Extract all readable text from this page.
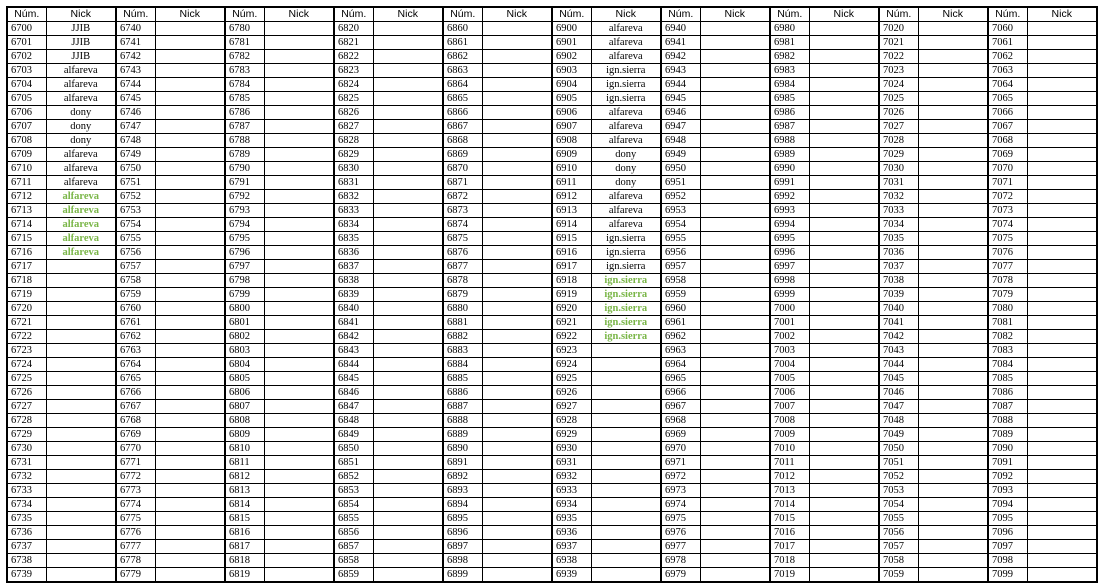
Núm.	Nick	Núm.	Nick	Núm.	Nick	Núm.	Nick	Núm.	Nick	Núm.	Nick	Núm.	Nick	Núm.	Nick	Núm.	Nick	Núm.	Nick
6700	JJIB	6740		6780		6820		6860		6900	alfareva	6940		6980		7020		7060	
6701	JJIB	6741		6781		6821		6861		6901	alfareva	6941		6981		7021		7061	
6702	JJIB	6742		6782		6822		6862		6902	alfareva	6942		6982		7022		7062	
6703	alfareva	6743		6783		6823		6863		6903	ign.sierra	6943		6983		7023		7063	
6704	alfareva	6744		6784		6824		6864		6904	ign.sierra	6944		6984		7024		7064	
6705	alfareva	6745		6785		6825		6865		6905	ign.sierra	6945		6985		7025		7065	
6706	dony	6746		6786		6826		6866		6906	alfareva	6946		6986		7026		7066	
6707	dony	6747		6787		6827		6867		6907	alfareva	6947		6987		7027		7067	
6708	dony	6748		6788		6828		6868		6908	alfareva	6948		6988		7028		7068	
6709	alfareva	6749		6789		6829		6869		6909	dony	6949		6989		7029		7069	
6710	alfareva	6750		6790		6830		6870		6910	dony	6950		6990		7030		7070	
6711	alfareva	6751		6791		6831		6871		6911	dony	6951		6991		7031		7071	
6712	alfareva	6752		6792		6832		6872		6912	alfareva	6952		6992		7032		7072	
6713	alfareva	6753		6793		6833		6873		6913	alfareva	6953		6993		7033		7073	
6714	alfareva	6754		6794		6834		6874		6914	alfareva	6954		6994		7034		7074	
6715	alfareva	6755		6795		6835		6875		6915	ign.sierra	6955		6995		7035		7075	
6716	alfareva	6756		6796		6836		6876		6916	ign.sierra	6956		6996		7036		7076	
6717		6757		6797		6837		6877		6917	ign.sierra	6957		6997		7037		7077	
6718		6758		6798		6838		6878		6918	ign.sierra	6958		6998		7038		7078	
6719		6759		6799		6839		6879		6919	ign.sierra	6959		6999		7039		7079	
6720		6760		6800		6840		6880		6920	ign.sierra	6960		7000		7040		7080	
6721		6761		6801		6841		6881		6921	ign.sierra	6961		7001		7041		7081	
6722		6762		6802		6842		6882		6922	ign.sierra	6962		7002		7042		7082	
6723		6763		6803		6843		6883		6923		6963		7003		7043		7083	
6724		6764		6804		6844		6884		6924		6964		7004		7044		7084	
6725		6765		6805		6845		6885		6925		6965		7005		7045		7085	
6726		6766		6806		6846		6886		6926		6966		7006		7046		7086	
6727		6767		6807		6847		6887		6927		6967		7007		7047		7087	
6728		6768		6808		6848		6888		6928		6968		7008		7048		7088	
6729		6769		6809		6849		6889		6929		6969		7009		7049		7089	
6730		6770		6810		6850		6890		6930		6970		7010		7050		7090	
6731		6771		6811		6851		6891		6931		6971		7011		7051		7091	
6732		6772		6812		6852		6892		6932		6972		7012		7052		7092	
6733		6773		6813		6853		6893		6933		6973		7013		7053		7093	
6734		6774		6814		6854		6894		6934		6974		7014		7054		7094	
6735		6775		6815		6855		6895		6935		6975		7015		7055		7095	
6736		6776		6816		6856		6896		6936		6976		7016		7056		7096	
6737		6777		6817		6857		6897		6937		6977		7017		7057		7097	
6738		6778		6818		6858		6898		6938		6978		7018		7058		7098	
6739		6779		6819		6859		6899		6939		6979		7019		7059		7099	
